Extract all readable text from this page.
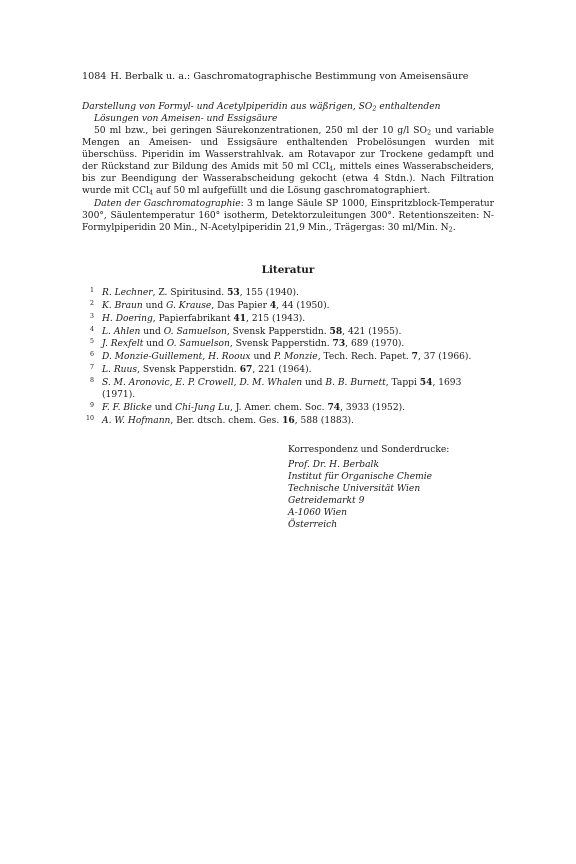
1084 H. Berbalk u. a.: Gaschromatographische Bestimmung von Ameisensäure

Darstellung von Formyl- und Acetylpiperidin aus wäßrigen, $SO_2$ enthaltenden
Lösungen von Ameisen- und Essigsäure

50 ml bzw., bei geringen Säurekonzentrationen, 250 ml der 10 g/l $SO_2$ und variable Mengen an Ameisen- und Essigsäure enthaltenden Probelösungen wurden mit überschüss. Piperidin im Wasserstrahlvak. am Rotavapor zur Trockene gedampft und der Rückstand zur Bildung des Amids mit 50 ml CCl$_4$, mittels eines Wasserabscheiders, bis zur Beendigung der Wasserabscheidung gekocht (etwa 4 Stdn.). Nach Filtration wurde mit CCl$_4$ auf 50 ml aufgefüllt und die Lösung gaschromatographiert.

Daten der Gaschromatographie: 3 m lange Säule SP 1000, Einspritzblock-Temperatur 300°, Säulentemperatur 160° isotherm, Detektorzuleitungen 300°. Retentionszeiten: N-Formylpiperidin 20 Min., N-Acetylpiperidin 21,9 Min., Trägergas: 30 ml/Min. $N_2$.

Literatur
1 R. Lechner, Z. Spiritusind. 53, 155 (1940).
2 K. Braun und G. Krause, Das Papier 4, 44 (1950).
3 H. Doering, Papierfabrikant 41, 215 (1943).
4 L. Ahlen und O. Samuelson, Svensk Papperstidn. 58, 421 (1955).
5 J. Rexfelt und O. Samuelson, Svensk Papperstidn. 73, 689 (1970).
6 D. Monzie-Guillement, H. Rooux und P. Monzie, Tech. Rech. Papet. 7, 37 (1966).
7 L. Ruus, Svensk Papperstidn. 67, 221 (1964).
8 S. M. Aronovic, E. P. Crowell, D. M. Whalen und B. B. Burnett, Tappi 54, 1693 (1971).
9 F. F. Blicke und Chi-Jung Lu, J. Amer. chem. Soc. 74, 3933 (1952).
10 A. W. Hofmann, Ber. dtsch. chem. Ges. 16, 588 (1883).
Korrespondenz und Sonderdrucke:
Prof. Dr. H. Berbalk
Institut für Organische Chemie
Technische Universität Wien
Getreidemarkt 9
A-1060 Wien
Österreich
